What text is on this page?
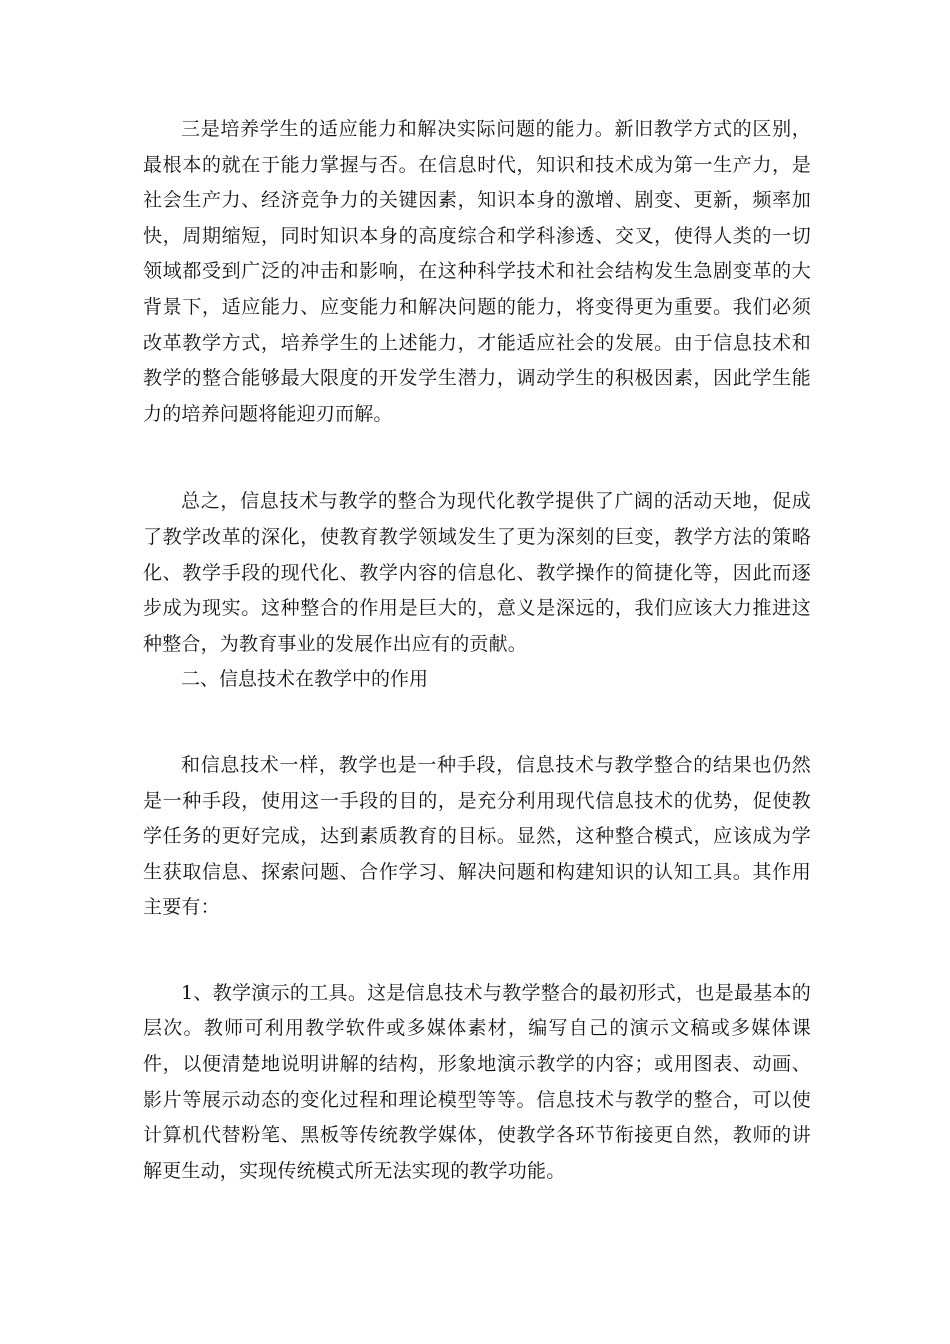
三是培养学生的适应能力和解决实际问题的能力。新旧教学方式的区别，最根本的就在于能力掌握与否。在信息时代，知识和技术成为第一生产力，是社会生产力、经济竞争力的关键因素，知识本身的激增、剧变、更新，频率加快，周期缩短，同时知识本身的高度综合和学科渗透、交叉，使得人类的一切领域都受到广泛的冲击和影响，在这种科学技术和社会结构发生急剧变革的大背景下，适应能力、应变能力和解决问题的能力，将变得更为重要。我们必须改革教学方式，培养学生的上述能力，才能适应社会的发展。由于信息技术和教学的整合能够最大限度的开发学生潜力，调动学生的积极因素，因此学生能力的培养问题将能迎刃而解。

总之，信息技术与教学的整合为现代化教学提供了广阔的活动天地，促成了教学改革的深化，使教育教学领域发生了更为深刻的巨变，教学方法的策略化、教学手段的现代化、教学内容的信息化、教学操作的简捷化等，因此而逐步成为现实。这种整合的作用是巨大的，意义是深远的，我们应该大力推进这种整合，为教育事业的发展作出应有的贡献。

二、信息技术在教学中的作用

和信息技术一样，教学也是一种手段，信息技术与教学整合的结果也仍然是一种手段，使用这一手段的目的，是充分利用现代信息技术的优势，促使教学任务的更好完成，达到素质教育的目标。显然，这种整合模式，应该成为学生获取信息、探索问题、合作学习、解决问题和构建知识的认知工具。其作用主要有：

1、教学演示的工具。这是信息技术与教学整合的最初形式，也是最基本的层次。教师可利用教学软件或多媒体素材，编写自己的演示文稿或多媒体课件，以便清楚地说明讲解的结构，形象地演示教学的内容；或用图表、动画、影片等展示动态的变化过程和理论模型等等。信息技术与教学的整合，可以使计算机代替粉笔、黑板等传统教学媒体，使教学各环节衔接更自然，教师的讲解更生动，实现传统模式所无法实现的教学功能。
